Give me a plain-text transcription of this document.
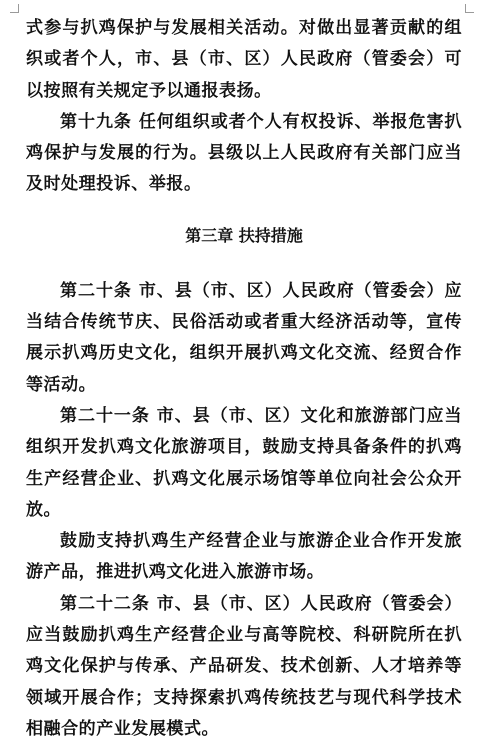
式参与扒鸡保护与发展相关活动。对做出显著贡献的组织或者个人，市、县（市、区）人民政府（管委会）可以按照有关规定予以通报表扬。

第十九条 任何组织或者个人有权投诉、举报危害扒鸡保护与发展的行为。县级以上人民政府有关部门应当及时处理投诉、举报。

第三章 扶持措施

第二十条 市、县（市、区）人民政府（管委会）应当结合传统节庆、民俗活动或者重大经济活动等，宣传展示扒鸡历史文化，组织开展扒鸡文化交流、经贸合作等活动。

第二十一条 市、县（市、区）文化和旅游部门应当组织开发扒鸡文化旅游项目，鼓励支持具备条件的扒鸡生产经营企业、扒鸡文化展示场馆等单位向社会公众开放。

鼓励支持扒鸡生产经营企业与旅游企业合作开发旅游产品，推进扒鸡文化进入旅游市场。

第二十二条 市、县（市、区）人民政府（管委会）应当鼓励扒鸡生产经营企业与高等院校、科研院所在扒鸡文化保护与传承、产品研发、技术创新、人才培养等领域开展合作；支持探索扒鸡传统技艺与现代科学技术相融合的产业发展模式。
